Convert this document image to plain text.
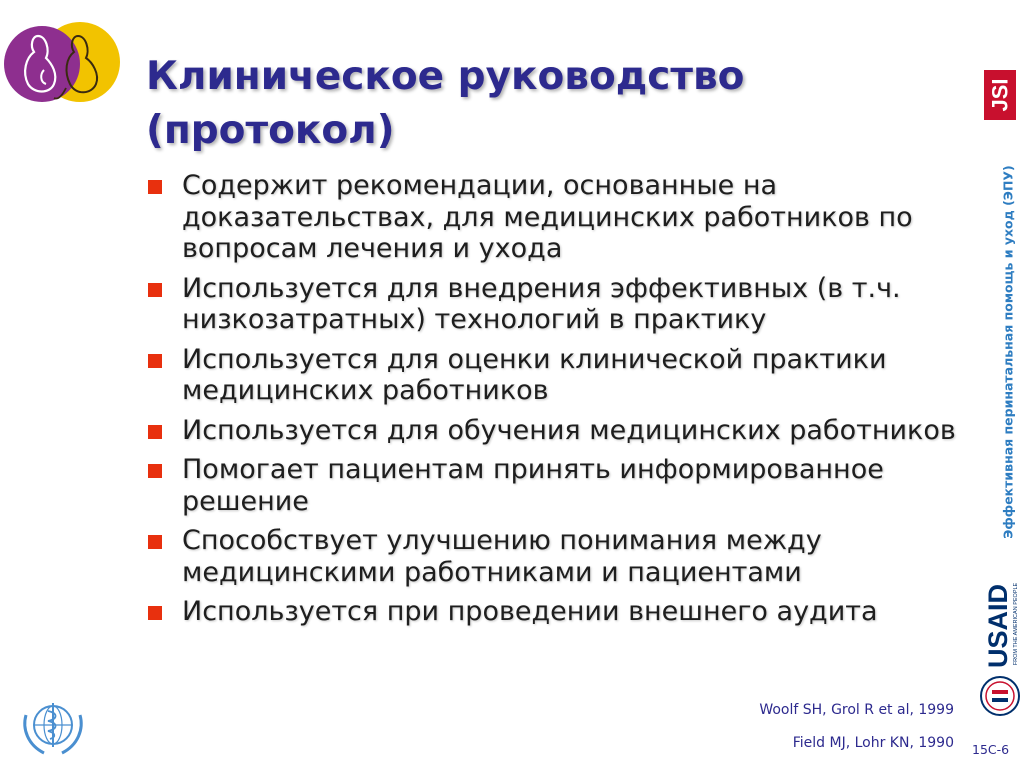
Клиническое руководство
(протокол)
Содержит рекомендации, основанные на доказательствах, для медицинских работников по вопросам лечения и ухода
Используется для внедрения эффективных (в т.ч. низкозатратных) технологий в практику
Используется для оценки клинической практики медицинских работников
Используется для обучения медицинских работников
Помогает пациентам принять информированное решение
Способствует улучшению понимания между медицинскими работниками и пациентами
Используется при проведении внешнего аудита
JSI
Эффективная перинатальная помощь и уход (ЭПУ)
USAID FROM THE AMERICAN PEOPLE
Woolf SH, Grol R et al, 1999
Field MJ, Lohr KN, 1990 15C-6
